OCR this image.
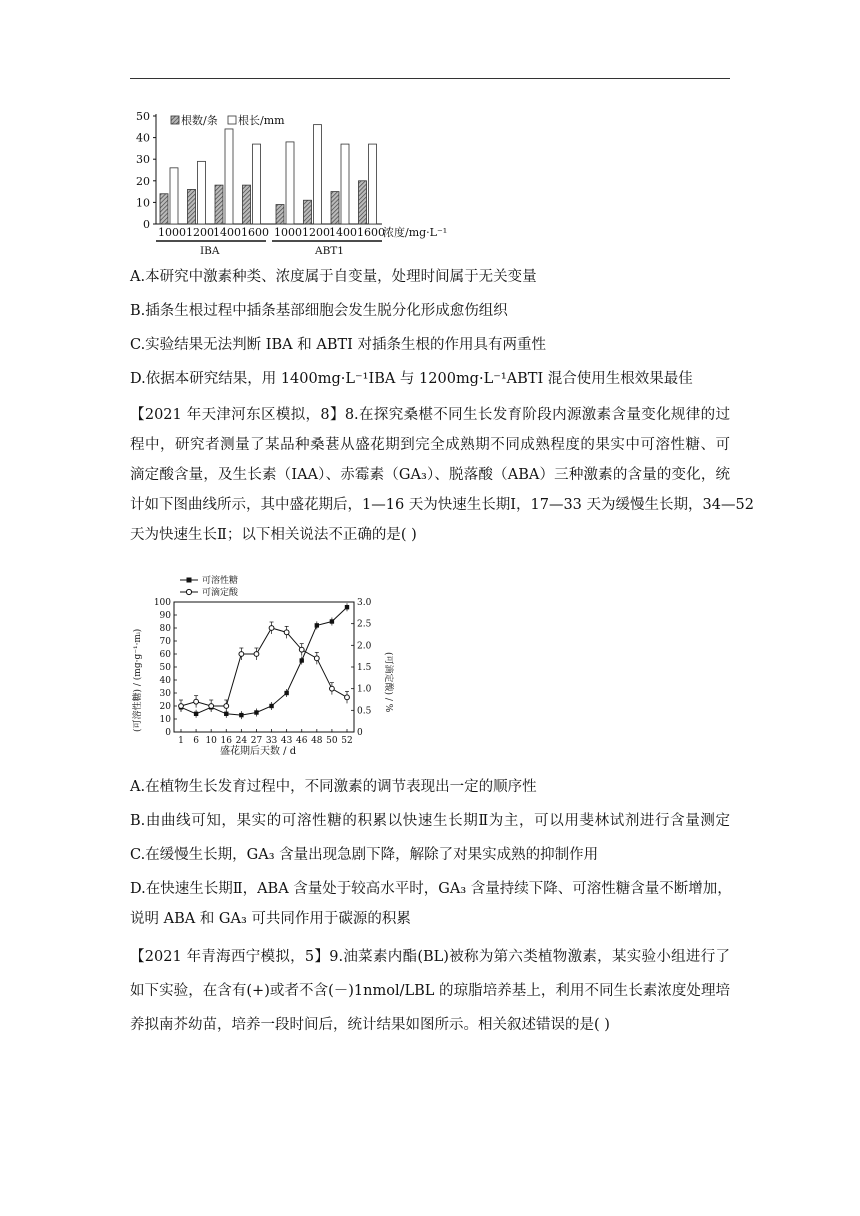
0
10
20
30
40
50
1000 1200 14001600 1000 1200 14001600
根数/条 根长/mm
浓度/mg·L⁻¹
IBA	ABT1
A.本研究中激素种类、浓度属于自变量，处理时间属于无关变量
B.插条生根过程中插条基部细胞会发生脱分化形成愈伤组织
C.实验结果无法判断 IBA 和 ABTI 对插条生根的作用具有两重性
D.依据本研究结果，用 1400mg·L⁻¹IBA 与 1200mg·L⁻¹ABTI 混合使用生根效果最佳
【2021 年天津河东区模拟，8】8.在探究桑椹不同生长发育阶段内源激素含量变化规律的过
程中，研究者测量了某品种桑葚从盛花期到完全成熟期不同成熟程度的果实中可溶性糖、可
滴定酸含量，及生长素（IAA）、赤霉素（GA₃）、脱落酸（ABA）三种激素的含量的变化，统
计如下图曲线所示，其中盛花期后，1—16 天为快速生长期Ⅰ，17—33 天为缓慢生长期，34—52
天为快速生长Ⅱ；以下相关说法不正确的是( )
0
10
20
30
40
50
60
70
80
90
100
0
0.5
1.0
1.5
2.0
2.5
3.0
1 6 10 16 24 27 33 43 46 48 50 52
可溶性糖
可滴定酸
盛花期后天数 / d
(可溶性糖) / (mg·g⁻¹·mᵢ)	(可滴定酸) / %
A.在植物生长发育过程中，不同激素的调节表现出一定的顺序性
B.由曲线可知，果实的可溶性糖的积累以快速生长期Ⅱ为主，可以用斐林试剂进行含量测定
C.在缓慢生长期，GA₃ 含量出现急剧下降，解除了对果实成熟的抑制作用
D.在快速生长期Ⅱ，ABA 含量处于较高水平时，GA₃ 含量持续下降、可溶性糖含量不断增加，
说明 ABA 和 GA₃ 可共同作用于碳源的积累
【2021 年青海西宁模拟，5】9.油菜素内酯(BL)被称为第六类植物激素，某实验小组进行了
如下实验，在含有(+)或者不含(－)1nmol/LBL 的琼脂培养基上，利用不同生长素浓度处理培
养拟南芥幼苗，培养一段时间后，统计结果如图所示。相关叙述错误的是( )
